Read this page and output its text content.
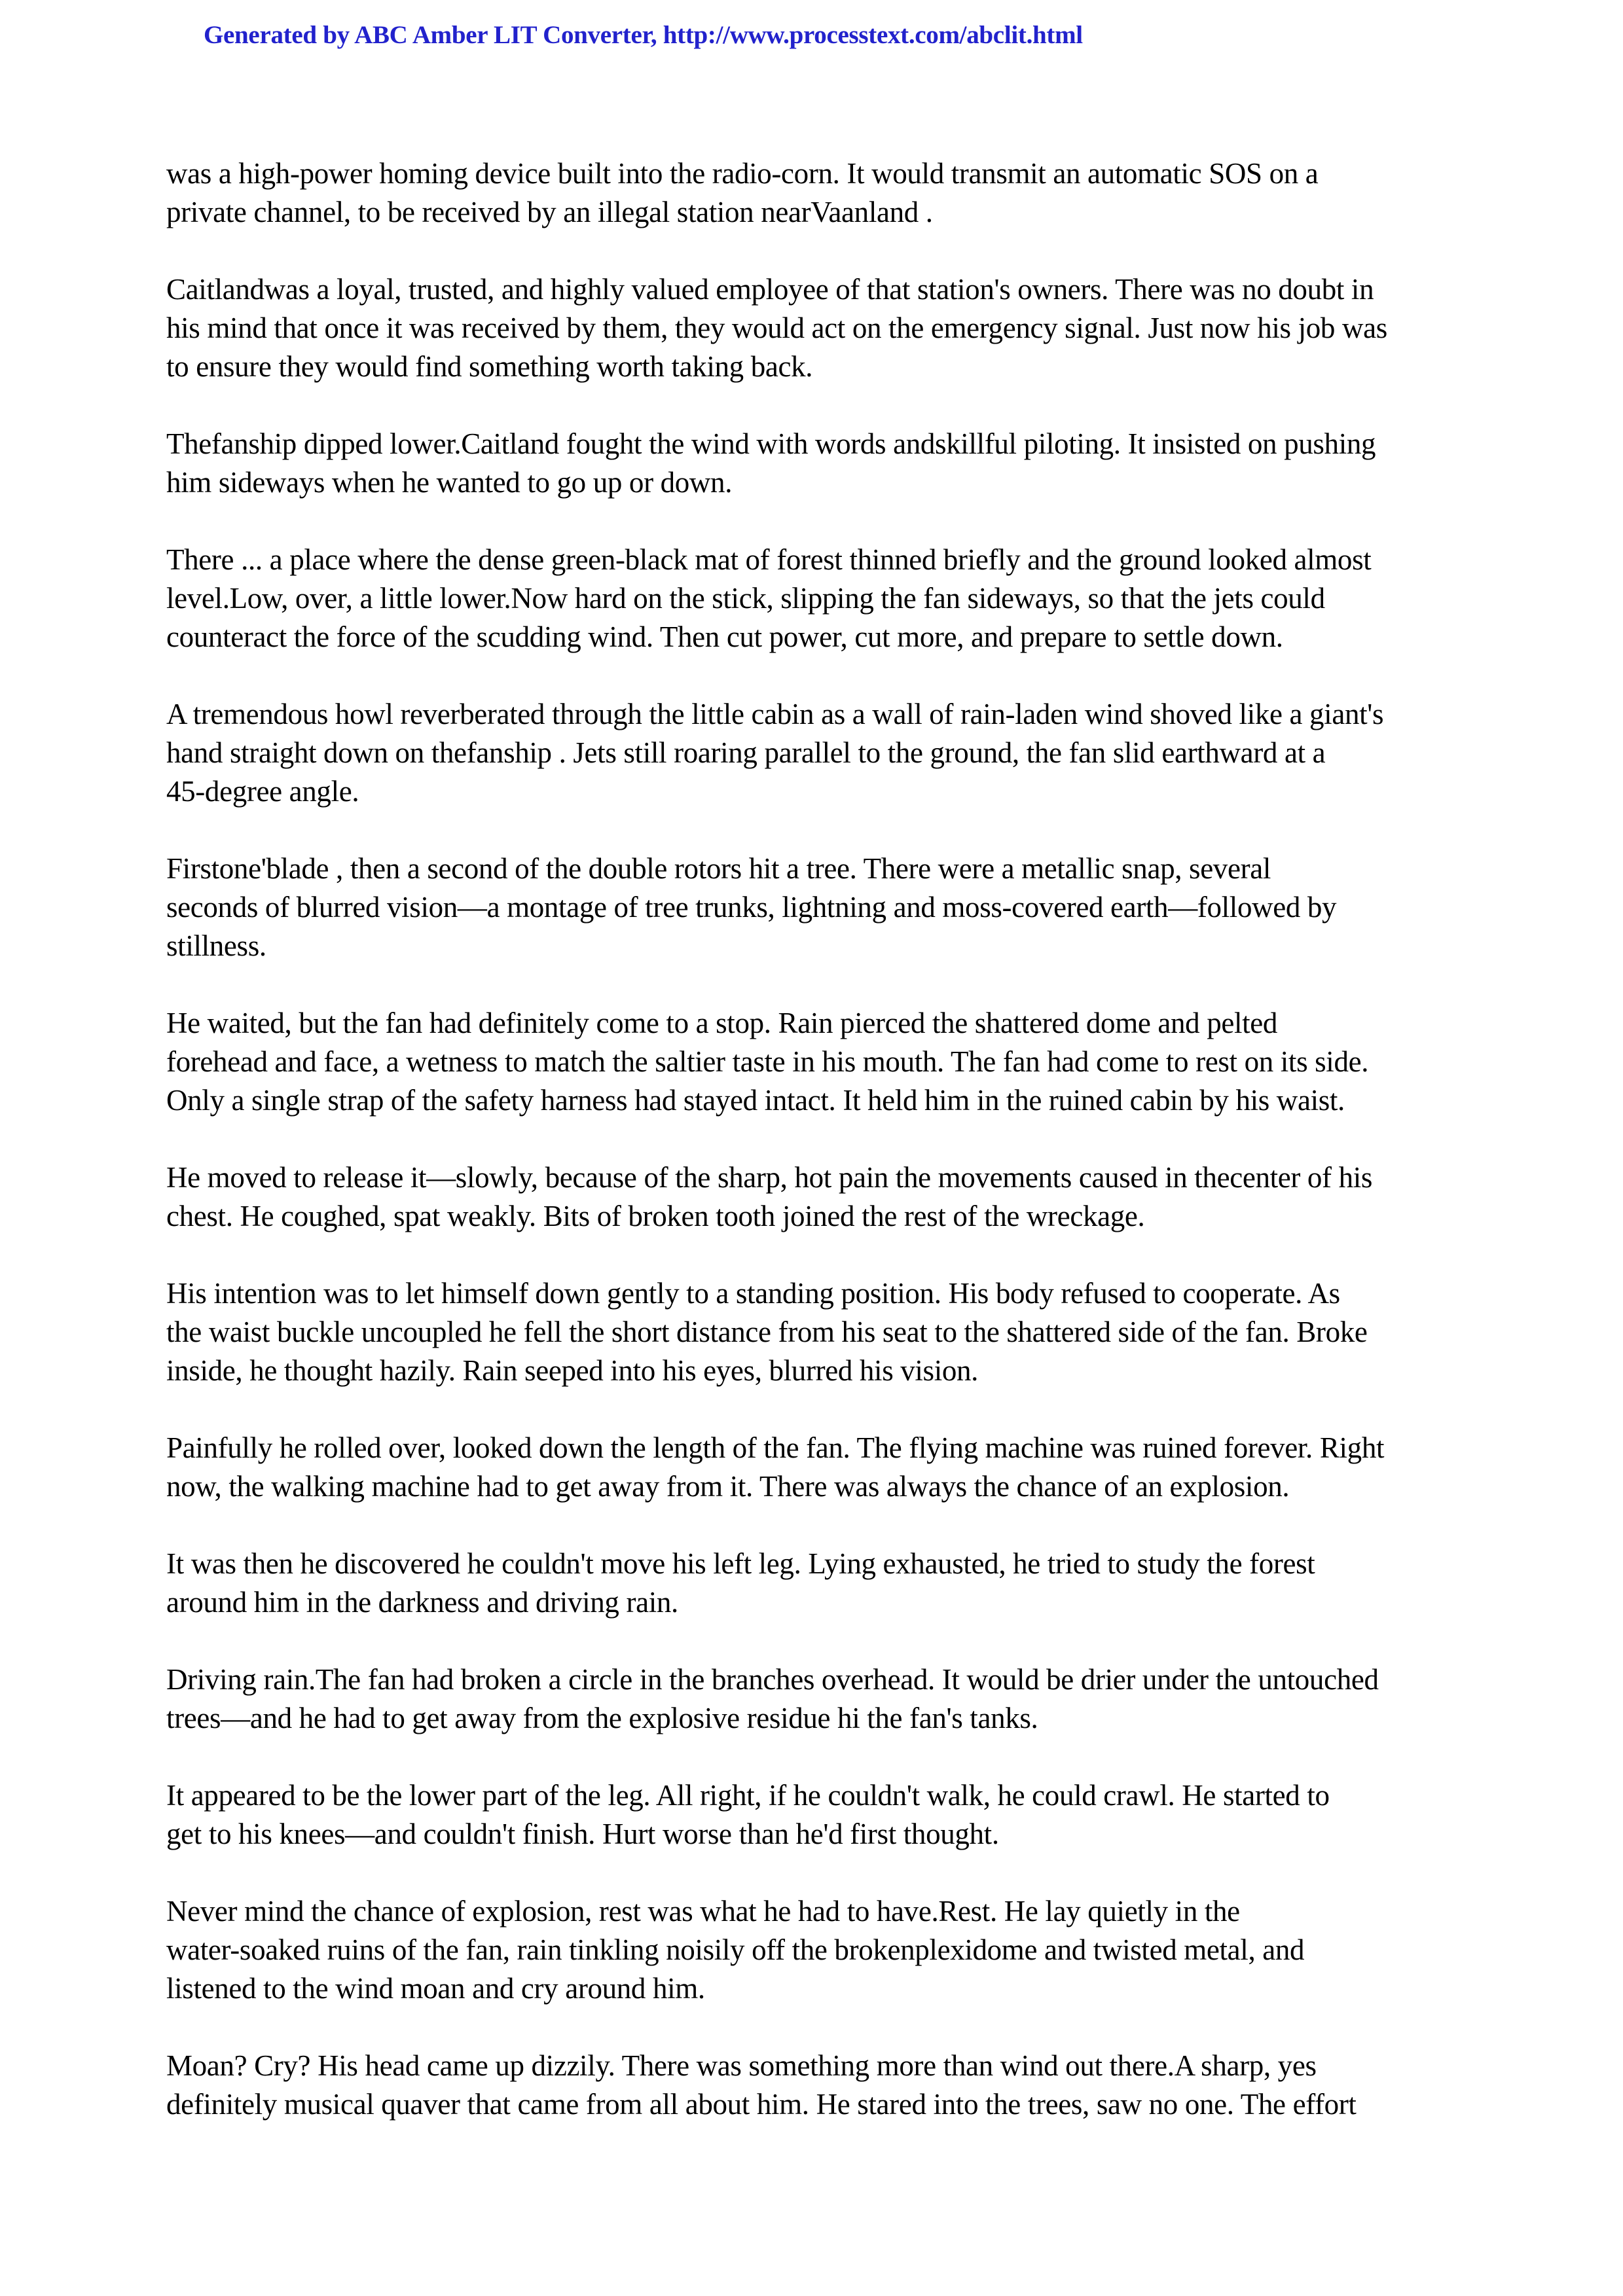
Generated by ABC Amber LIT Converter, http://www.processtext.com/abclit.html

was a high-power homing device built into the radio-corn. It would transmit an automatic SOS on a
private channel, to be received by an illegal station nearVaanland .

Caitlandwas a loyal, trusted, and highly valued employee of that station's owners. There was no doubt in
his mind that once it was received by them, they would act on the emergency signal. Just now his job was
to ensure they would find something worth taking back.

Thefanship dipped lower.Caitland fought the wind with words andskillful piloting. It insisted on pushing
him sideways when he wanted to go up or down.

There ... a place where the dense green-black mat of forest thinned briefly and the ground looked almost
level.Low, over, a little lower.Now hard on the stick, slipping the fan sideways, so that the jets could
counteract the force of the scudding wind. Then cut power, cut more, and prepare to settle down.

A tremendous howl reverberated through the little cabin as a wall of rain-laden wind shoved like a giant's
hand straight down on thefanship . Jets still roaring parallel to the ground, the fan slid earthward at a
45-degree angle.

Firstone'blade , then a second of the double rotors hit a tree. There were a metallic snap, several
seconds of blurred vision—a montage of tree trunks, lightning and moss-covered earth—followed by
stillness.

He waited, but the fan had definitely come to a stop. Rain pierced the shattered dome and pelted
forehead and face, a wetness to match the saltier taste in his mouth. The fan had come to rest on its side.
Only a single strap of the safety harness had stayed intact. It held him in the ruined cabin by his waist.

He moved to release it—slowly, because of the sharp, hot pain the movements caused in thecenter of his
chest. He coughed, spat weakly. Bits of broken tooth joined the rest of the wreckage.

His intention was to let himself down gently to a standing position. His body refused to cooperate. As
the waist buckle uncoupled he fell the short distance from his seat to the shattered side of the fan. Broke
inside, he thought hazily. Rain seeped into his eyes, blurred his vision.

Painfully he rolled over, looked down the length of the fan. The flying machine was ruined forever. Right
now, the walking machine had to get away from it. There was always the chance of an explosion.

It was then he discovered he couldn't move his left leg. Lying exhausted, he tried to study the forest
around him in the darkness and driving rain.

Driving rain.The fan had broken a circle in the branches overhead. It would be drier under the untouched
trees—and he had to get away from the explosive residue hi the fan's tanks.

It appeared to be the lower part of the leg. All right, if he couldn't walk, he could crawl. He started to
get to his knees—and couldn't finish. Hurt worse than he'd first thought.

Never mind the chance of explosion, rest was what he had to have.Rest. He lay quietly in the
water-soaked ruins of the fan, rain tinkling noisily off the brokenplexidome and twisted metal, and
listened to the wind moan and cry around him.

Moan? Cry? His head came up dizzily. There was something more than wind out there.A sharp, yes
definitely musical quaver that came from all about him. He stared into the trees, saw no one. The effort
